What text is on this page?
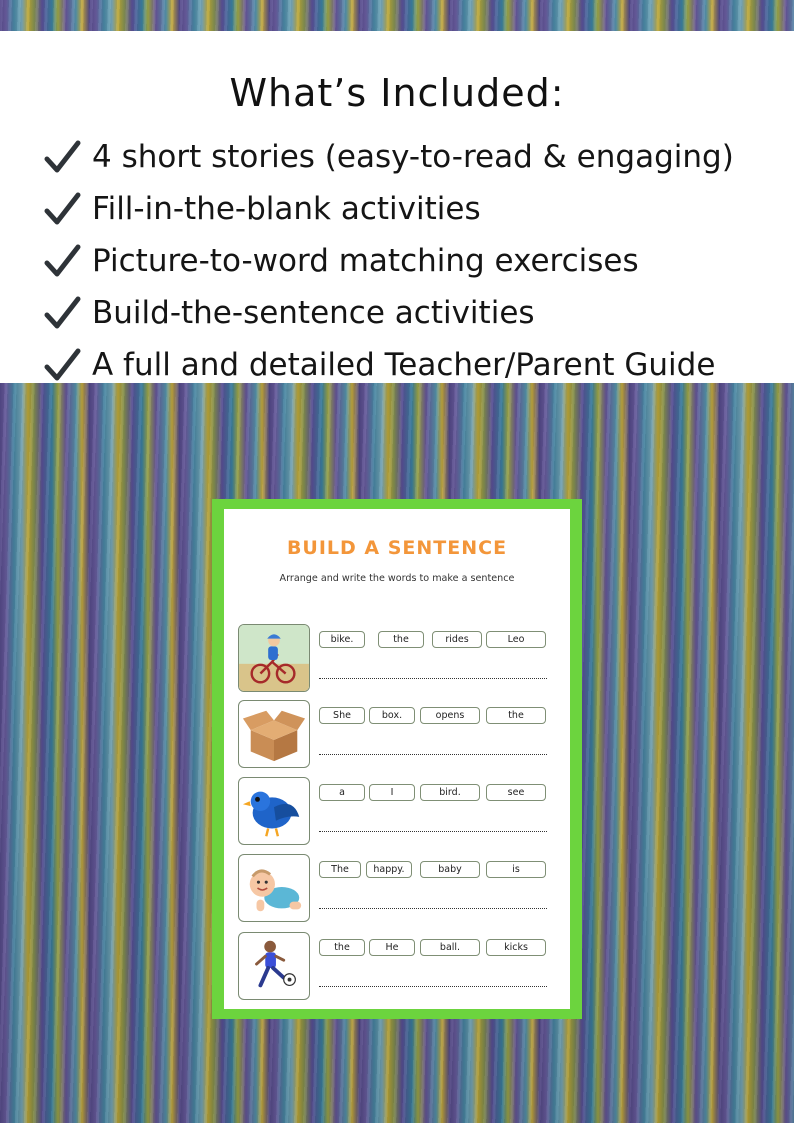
What’s Included:
4 short stories (easy-to-read & engaging)
Fill-in-the-blank activities
Picture-to-word matching exercises
Build-the-sentence activities
A full and detailed Teacher/Parent Guide
BUILD A SENTENCE
Arrange and write the words to make a sentence
bike.	the	rides	Leo
She	box.	opens	the
a	I	bird.	see
The	happy.	baby	is
the	He	ball.	kicks
